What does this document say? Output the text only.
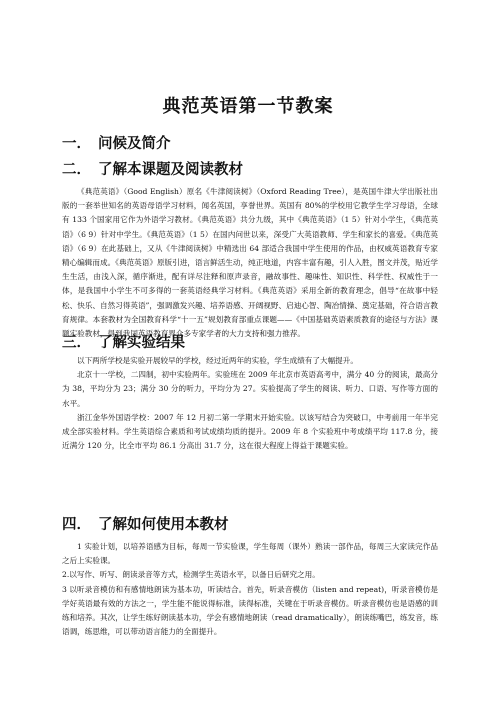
典范英语第一节教案
一． 问候及简介
二． 了解本课题及阅读教材

《典范英语》（Good English）原名《牛津阅读树》（Oxford Reading Tree），是英国牛津大学出版社出版的一套举世知名的英语母语学习材料，闻名英国，享誉世界。英国有 80%的学校用它教学生学习母语，全球有 133 个国家用它作为外语学习教材。《典范英语》共分九级，其中《典范英语》（1 5）针对小学生，《典范英语》（6 9）针对中学生。《典范英语》（1 5）在国内问世以来，深受广大英语教师、学生和家长的喜爱。《典范英语》（6 9）在此基础上，又从《牛津阅读树》中精选出 64 部适合我国中学生使用的作品，由权威英语教育专家精心编辑而成。《典范英语》原版引进，语言鲜活生动，纯正地道，内容丰富有趣，引人入胜，图文并茂，贴近学生生活，由浅入深，循序渐进，配有详尽注释和原声录音，融故事性、趣味性、知识性、科学性、权威性于一体，是我国中小学生不可多得的一套英语经典学习材料。《典范英语》采用全新的教育理念，倡导“在故事中轻松、快乐、自然习得英语”，强调激发兴趣、培养语感、开阔视野、启迪心智、陶冶情操、奠定基础，符合语言教育规律。本套教材为全国教育科学“十一五”规划教育部重点课题——《中国基础英语素质教育的途径与方法》课题实验教材，得到我国英语教育界众多专家学者的大力支持和强力推荐。

三． 了解实验结果

以下两所学校是实验开展较早的学校，经过近两年的实验，学生成绩有了大幅提升。

北京十一学校，二四制，初中实验两年。实验班在 2009 年北京市英语高考中，满分 40 分的阅读，最高分为 38，平均分为 23；满分 30 分的听力，平均分为 27。实验提高了学生的阅读、听力、口语、写作等方面的水平。

浙江金华外国语学校：2007 年 12 月初二第一学期末开始实验。以该写结合为突破口，中考前用一年半完成全部实验材料。学生英语综合素质和考试成绩均质的提升。2009 年 8 个实验班中考成绩平均 117.8 分，接近满分 120 分，比全市平均 86.1 分高出 31.7 分，这在很大程度上得益于课题实验。

四． 了解如何使用本教材

1 实验计划，以培养语感为目标，每周一节实验课，学生每周（课外）熟读一部作品，每周三大家读完作品之后上实验课。

2.以写作、听写、朗读录音等方式，检测学生英语水平，以备日后研究之用。

3 以听录音模仿和有感情地朗读为基本功，听读结合。首先，听录音模仿（listen and repeat)，听录音模仿是学好英语最有效的方法之一，学生能不能说得标准，读得标准，关键在于听录音模仿。听录音模仿也是语感的训练和培养。其次，让学生练好朗读基本功，学会有感情地朗读（read dramatically），朗读练嘴巴，练发音，练语调，练思维，可以带动语言能力的全面提升。
